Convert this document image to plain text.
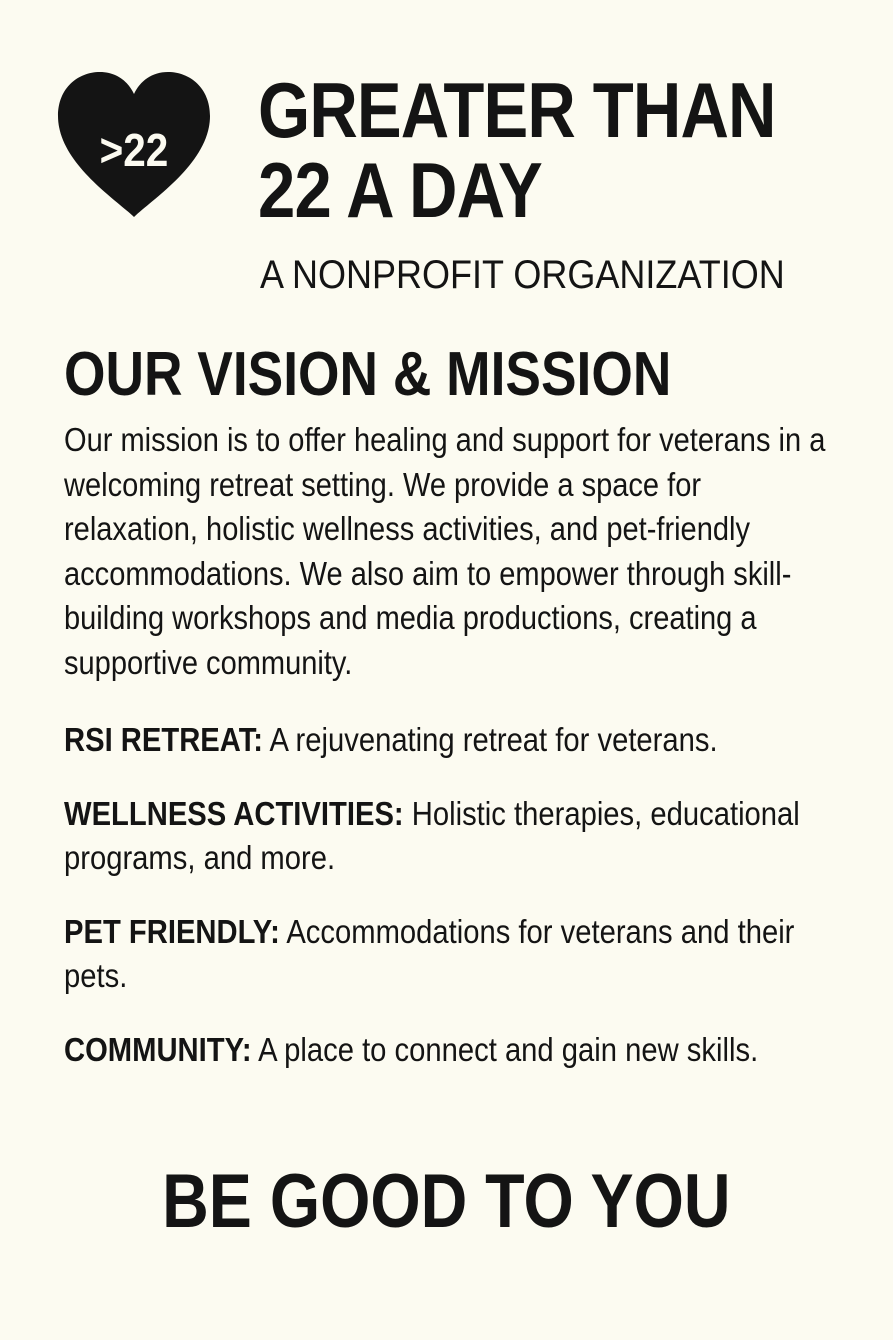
>22 GREATER THAN
22 A DAY

A NONPROFIT ORGANIZATION

OUR VISION & MISSION

Our mission is to offer healing and support for veterans in a welcoming retreat setting. We provide a space for relaxation, holistic wellness activities, and pet-friendly accommodations. We also aim to empower through skill-building workshops and media productions, creating a supportive community.

RSI RETREAT: A rejuvenating retreat for veterans.
WELLNESS ACTIVITIES: Holistic therapies, educational programs, and more.
PET FRIENDLY: Accommodations for veterans and their pets.
COMMUNITY: A place to connect and gain new skills.

BE GOOD TO YOU
